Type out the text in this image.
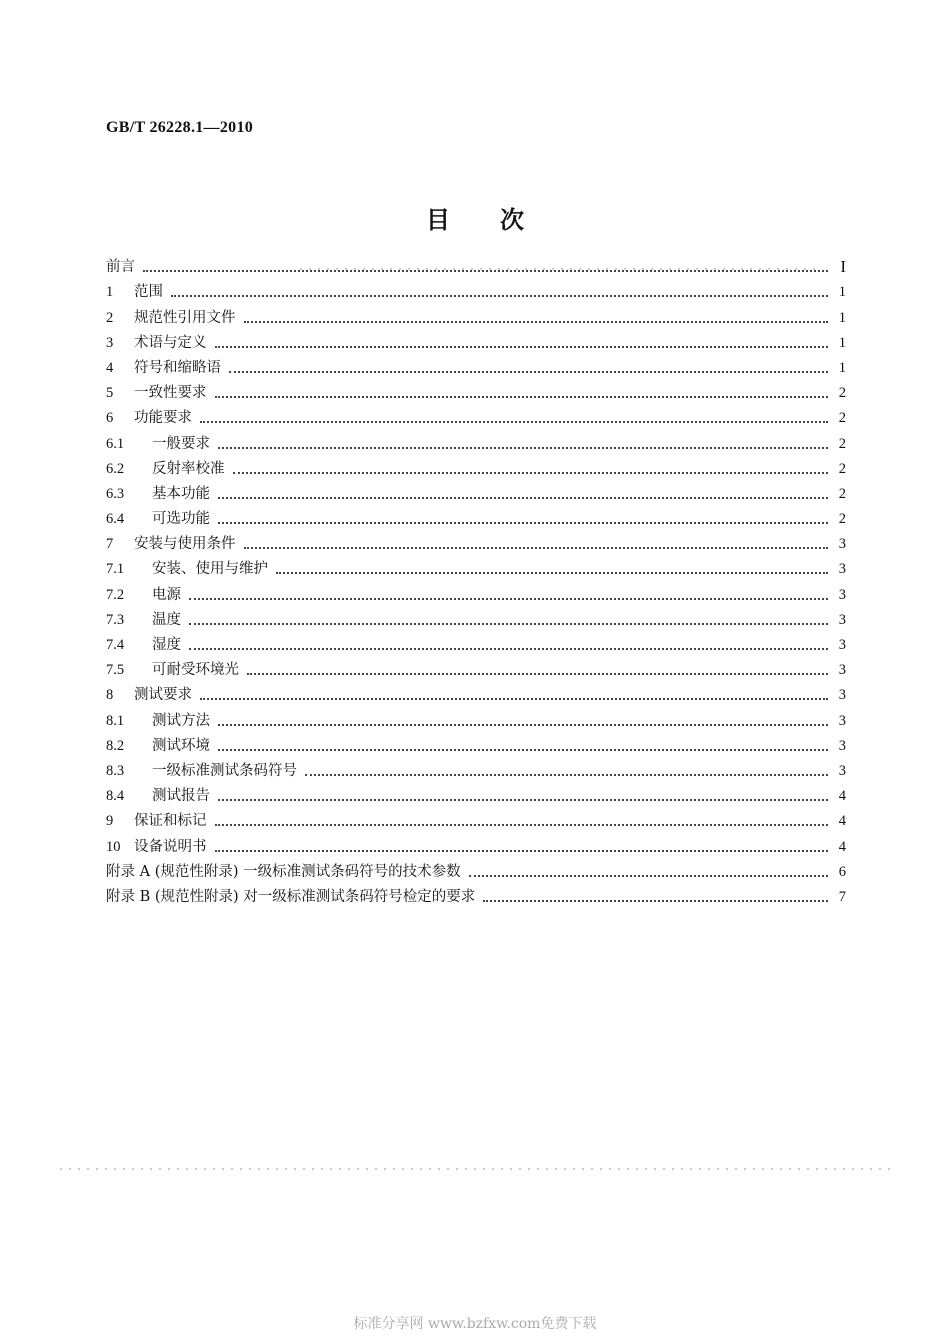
GB/T 26228.1—2010
目次
前言	I
1	范围	1
2	规范性引用文件	1
3	术语与定义	1
4	符号和缩略语	1
5	一致性要求	2
6	功能要求	2
6.1	一般要求	2
6.2	反射率校准	2
6.3	基本功能	2
6.4	可选功能	2
7	安装与使用条件	3
7.1	安装、使用与维护	3
7.2	电源	3
7.3	温度	3
7.4	湿度	3
7.5	可耐受环境光	3
8	测试要求	3
8.1	测试方法	3
8.2	测试环境	3
8.3	一级标准测试条码符号	3
8.4	测试报告	4
9	保证和标记	4
10 设备说明书	4
附录 A (规范性附录) 一级标准测试条码符号的技术参数	6
附录 B (规范性附录) 对一级标准测试条码符号检定的要求	7
标准分享网 www.bzfxw.com免费下载
